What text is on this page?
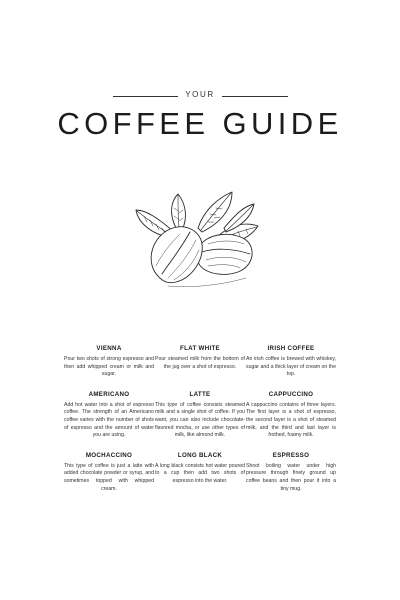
YOUR
COFFEE GUIDE

VIENNA

Pour two shots of strong espresso and then add whipped cream or milk and sugar.

FLAT WHITE

Pour steamed milk from the bottom of the jug over a shot of espresso.

IRISH COFFEE

An irish coffee is brewed with whiskey, sugar and a thick layer of cream on the top.

AMERICANO

Add hot water into a shot of espresso coffee. The strength of an Americano coffee varies with the number of shots of espresso and the amount of water you are using.

LATTE

This type of coffee consists steamed milk and a single shot of coffee. If you want, you can also include chocolate-flavored mocha, or use other types of milk, like almond milk.

CAPPUCCINO

A cappuccino contains of three layers. The first layer is a shot of espresso, the second layer is a shot of steamed milk, and the third and last layer is frothed, foamy milk.

MOCHACCINO

This type of coffee is just a latte with added chocolate powder or syrup, and sometimes topped with whipped cream.

LONG BLACK

A long black consists hot water poured to a cup then add two shots of espresso into the water.

ESPRESSO

Shoot boiling water under high pressure through finely ground up coffee beans and then pour it into a tiny mug.
